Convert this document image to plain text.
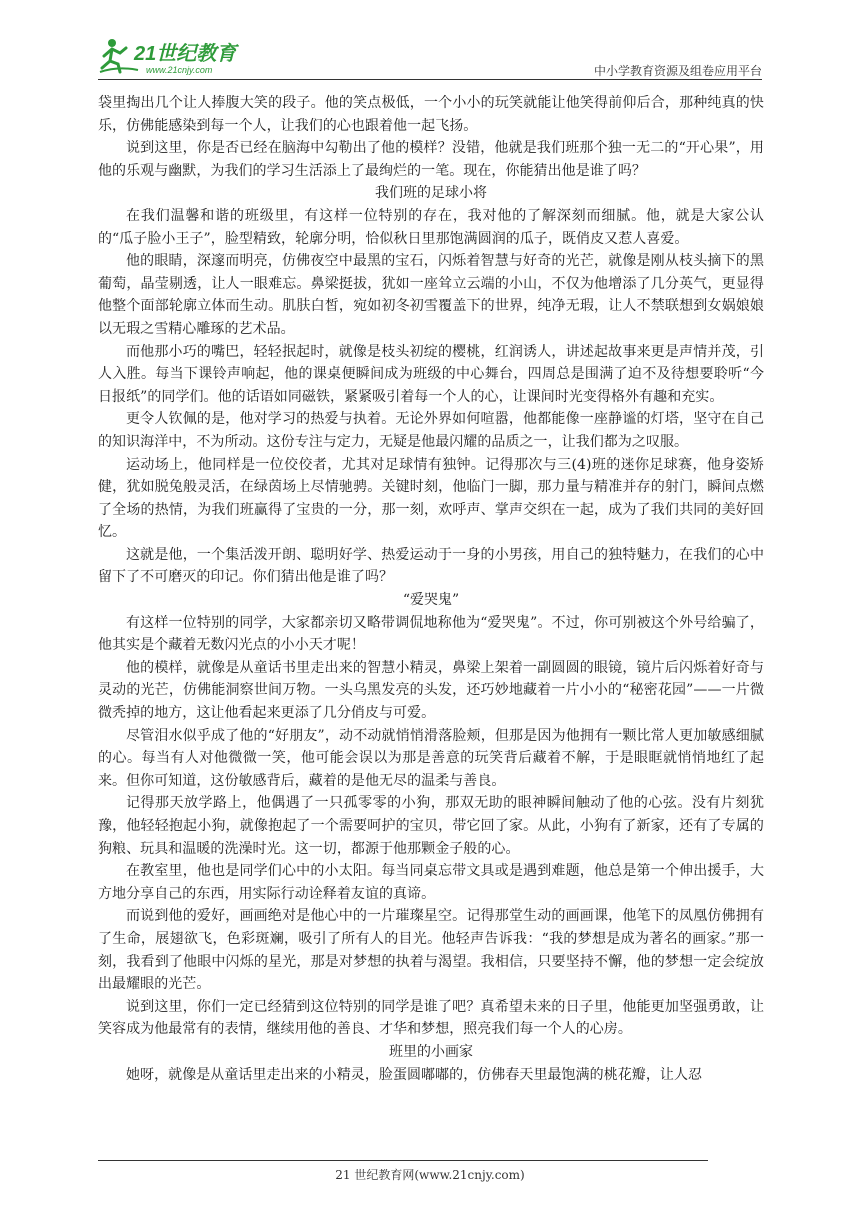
21世纪教育
www.21cnjy.com	中小学教育资源及组卷应用平台

袋里掏出几个让人捧腹大笑的段子。他的笑点极低，一个小小的玩笑就能让他笑得前仰后合，那种纯真的快乐，仿佛能感染到每一个人，让我们的心也跟着他一起飞扬。

说到这里，你是否已经在脑海中勾勒出了他的模样？没错，他就是我们班那个独一无二的“开心果”，用他的乐观与幽默，为我们的学习生活添上了最绚烂的一笔。现在，你能猜出他是谁了吗？

我们班的足球小将

在我们温馨和谐的班级里，有这样一位特别的存在，我对他的了解深刻而细腻。他，就是大家公认的“瓜子脸小王子”，脸型精致，轮廓分明，恰似秋日里那饱满圆润的瓜子，既俏皮又惹人喜爱。

他的眼睛，深邃而明亮，仿佛夜空中最黑的宝石，闪烁着智慧与好奇的光芒，就像是刚从枝头摘下的黑葡萄，晶莹剔透，让人一眼难忘。鼻梁挺拔，犹如一座耸立云端的小山，不仅为他增添了几分英气，更显得他整个面部轮廓立体而生动。肌肤白皙，宛如初冬初雪覆盖下的世界，纯净无瑕，让人不禁联想到女娲娘娘以无瑕之雪精心雕琢的艺术品。

而他那小巧的嘴巴，轻轻抿起时，就像是枝头初绽的樱桃，红润诱人，讲述起故事来更是声情并茂，引人入胜。每当下课铃声响起，他的课桌便瞬间成为班级的中心舞台，四周总是围满了迫不及待想要聆听“今日报纸”的同学们。他的话语如同磁铁，紧紧吸引着每一个人的心，让课间时光变得格外有趣和充实。

更令人钦佩的是，他对学习的热爱与执着。无论外界如何喧嚣，他都能像一座静谧的灯塔，坚守在自己的知识海洋中，不为所动。这份专注与定力，无疑是他最闪耀的品质之一，让我们都为之叹服。

运动场上，他同样是一位佼佼者，尤其对足球情有独钟。记得那次与三(4)班的迷你足球赛，他身姿矫健，犹如脱兔般灵活，在绿茵场上尽情驰骋。关键时刻，他临门一脚，那力量与精准并存的射门，瞬间点燃了全场的热情，为我们班赢得了宝贵的一分，那一刻，欢呼声、掌声交织在一起，成为了我们共同的美好回忆。

这就是他，一个集活泼开朗、聪明好学、热爱运动于一身的小男孩，用自己的独特魅力，在我们的心中留下了不可磨灭的印记。你们猜出他是谁了吗？

“爱哭鬼”

有这样一位特别的同学，大家都亲切又略带调侃地称他为“爱哭鬼”。不过，你可别被这个外号给骗了，他其实是个藏着无数闪光点的小小天才呢！

他的模样，就像是从童话书里走出来的智慧小精灵，鼻梁上架着一副圆圆的眼镜，镜片后闪烁着好奇与灵动的光芒，仿佛能洞察世间万物。一头乌黑发亮的头发，还巧妙地藏着一片小小的“秘密花园”——一片微微秃掉的地方，这让他看起来更添了几分俏皮与可爱。

尽管泪水似乎成了他的“好朋友”，动不动就悄悄滑落脸颊，但那是因为他拥有一颗比常人更加敏感细腻的心。每当有人对他微微一笑，他可能会误以为那是善意的玩笑背后藏着不解，于是眼眶就悄悄地红了起来。但你可知道，这份敏感背后，藏着的是他无尽的温柔与善良。

记得那天放学路上，他偶遇了一只孤零零的小狗，那双无助的眼神瞬间触动了他的心弦。没有片刻犹豫，他轻轻抱起小狗，就像抱起了一个需要呵护的宝贝，带它回了家。从此，小狗有了新家，还有了专属的狗粮、玩具和温暖的洗澡时光。这一切，都源于他那颗金子般的心。

在教室里，他也是同学们心中的小太阳。每当同桌忘带文具或是遇到难题，他总是第一个伸出援手，大方地分享自己的东西，用实际行动诠释着友谊的真谛。

而说到他的爱好，画画绝对是他心中的一片璀璨星空。记得那堂生动的画画课，他笔下的凤凰仿佛拥有了生命，展翅欲飞，色彩斑斓，吸引了所有人的目光。他轻声告诉我：“我的梦想是成为著名的画家。”那一刻，我看到了他眼中闪烁的星光，那是对梦想的执着与渴望。我相信，只要坚持不懈，他的梦想一定会绽放出最耀眼的光芒。

说到这里，你们一定已经猜到这位特别的同学是谁了吧？真希望未来的日子里，他能更加坚强勇敢，让笑容成为他最常有的表情，继续用他的善良、才华和梦想，照亮我们每一个人的心房。

班里的小画家

她呀，就像是从童话里走出来的小精灵，脸蛋圆嘟嘟的，仿佛春天里最饱满的桃花瓣，让人忍

21 世纪教育网(www.21cnjy.com)
